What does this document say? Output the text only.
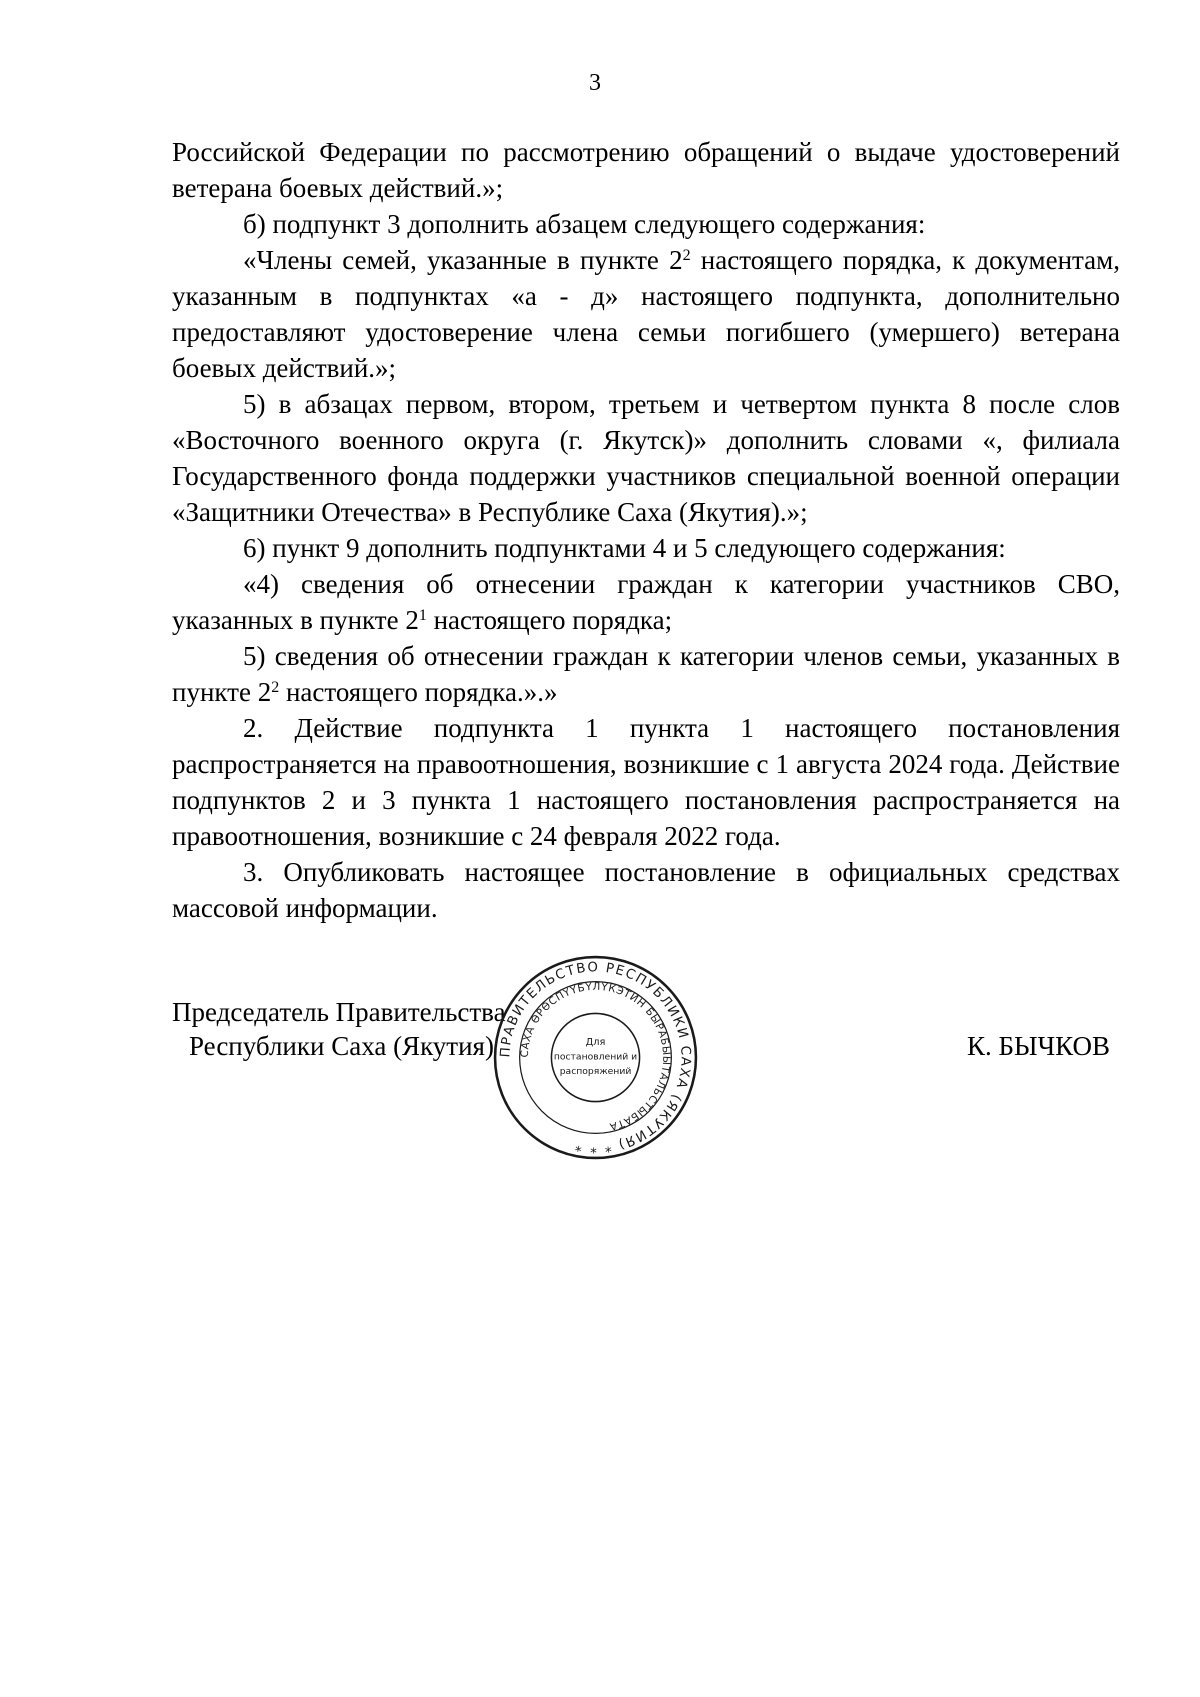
3

Российской Федерации по рассмотрению обращений о выдаче удостоверений ветерана боевых действий.»;

б) подпункт 3 дополнить абзацем следующего содержания:

«Члены семей, указанные в пункте $2^2$ настоящего порядка, к документам, указанным в подпунктах «а - д» настоящего подпункта, дополнительно предоставляют удостоверение члена семьи погибшего (умершего) ветерана боевых действий.»;

5) в абзацах первом, втором, третьем и четвертом пункта 8 после слов «Восточного военного округа (г. Якутск)» дополнить словами «, филиала Государственного фонда поддержки участников специальной военной операции «Защитники Отечества» в Республике Саха (Якутия).»;

6) пункт 9 дополнить подпунктами 4 и 5 следующего содержания:

«4) сведения об отнесении граждан к категории участников СВО, указанных в пункте $2^1$ настоящего порядка;

5) сведения об отнесении граждан к категории членов семьи, указанных в пункте $2^2$ настоящего порядка.».»

2. Действие подпункта 1 пункта 1 настоящего постановления распространяется на правоотношения, возникшие с 1 августа 2024 года. Действие подпунктов 2 и 3 пункта 1 настоящего постановления распространяется на правоотношения, возникшие с 24 февраля 2022 года.

3. Опубликовать настоящее постановление в официальных средствах массовой информации.

Председатель Правительства
Республики Саха (Якутия)	К. БЫЧКОВ
ПРАВИТЕЛЬСТВО РЕСПУБЛИКИ САХА (ЯКУТИЯ) * * *
САХА ӨРӨСПҮҮБҮЛҮКЭТИН БЫРАБЫЫТАЛЬСТЫБАТА
Для
постановлений и
распоряжений
